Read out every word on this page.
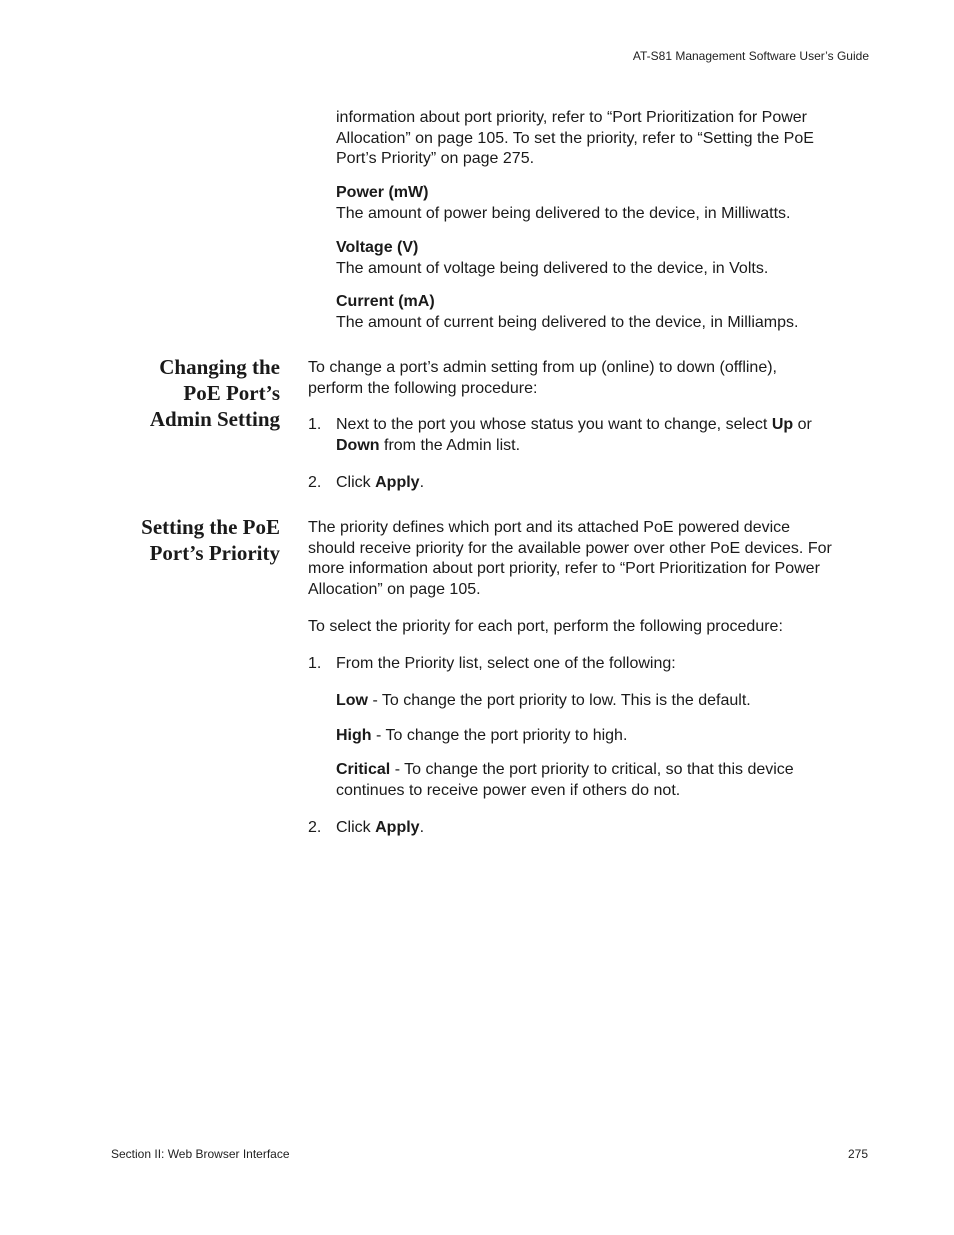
AT-S81 Management Software User’s Guide

information about port priority, refer to “Port Prioritization for Power

Allocation” on page 105. To set the priority, refer to “Setting the PoE

Port’s Priority” on page 275.

Power (mW)
The amount of power being delivered to the device, in Milliwatts.
Voltage (V)
The amount of voltage being delivered to the device, in Volts.
Current (mA)
The amount of current being delivered to the device, in Milliamps.
Changing the
PoE Port’s
Admin Setting

To change a port’s admin setting from up (online) to down (offline),

perform the following procedure:

1. Next to the port you whose status you want to change, select Up or
Down from the Admin list.
2. Click Apply.
Setting the PoE
Port’s Priority

The priority defines which port and its attached PoE powered device

should receive priority for the available power over other PoE devices. For

more information about port priority, refer to “Port Prioritization for Power

Allocation” on page 105.

To select the priority for each port, perform the following procedure:

1. From the Priority list, select one of the following:
Low - To change the port priority to low. This is the default.
High - To change the port priority to high.
Critical - To change the port priority to critical, so that this device
continues to receive power even if others do not.
2. Click Apply.
Section II: Web Browser Interface	275
